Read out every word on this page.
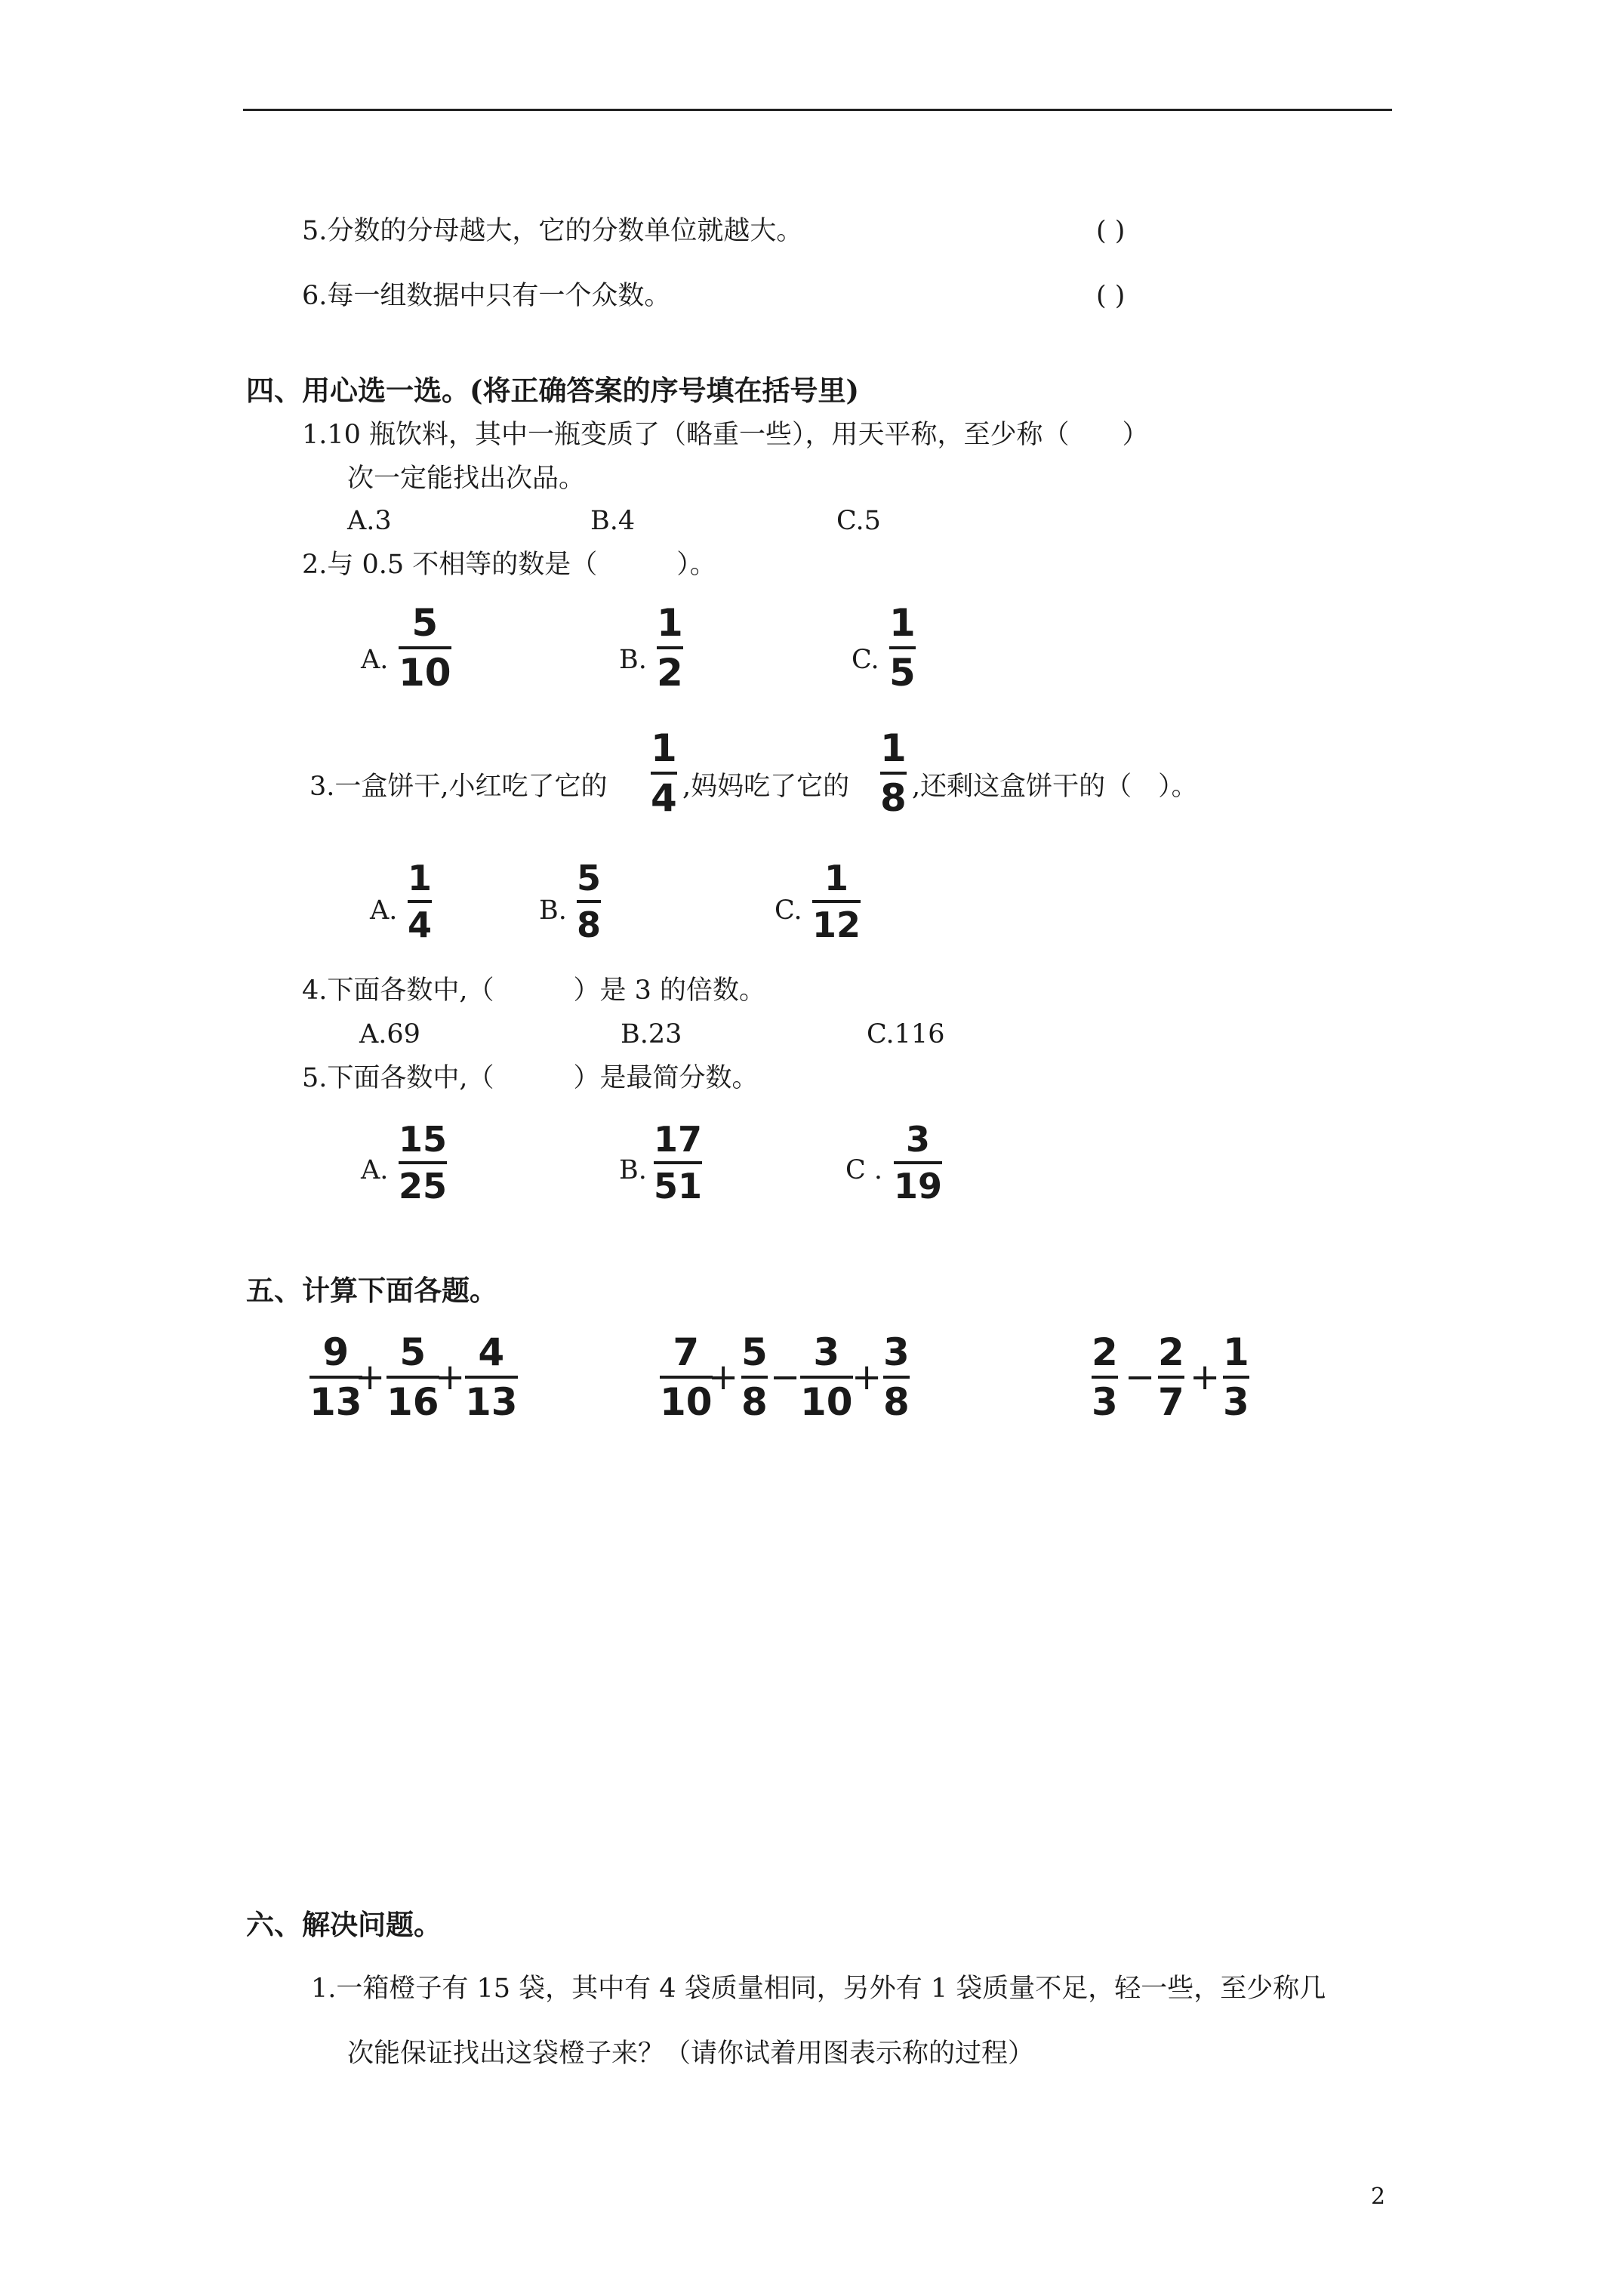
5.分数的分母越大，它的分数单位就越大。	( )
6.每一组数据中只有一个众数。	( )
四、用心选一选。(将正确答案的序号填在括号里)
1.10 瓶饮料，其中一瓶变质了（略重一些），用天平称，至少称（　　）
次一定能找出次品。
A.3	B.4	C.5
2.与 0.5 不相等的数是（　　　）。
A.
5
10	B.
1
2	C.
1
5
3.一盒饼干,小红吃了它的
1
4 ,妈妈吃了它的
1
8 ,还剩这盒饼干的（　）。
A.
1
4	B.
5
8	C.
1
12
4.下面各数中,（　　　）是 3 的倍数。
A.69	B.23	C.116
5.下面各数中,（　　　）是最简分数。
A.
15
25	B.
17
51	C .
3
19
五、计算下面各题。
9
13
+
5
16
+
4
13
7
10
+
5
8
−
3
10
+
3
8
2
3
−
2
7
+
1
3
六、解决问题。
1.一箱橙子有 15 袋，其中有 4 袋质量相同，另外有 1 袋质量不足，轻一些，至少称几
次能保证找出这袋橙子来？（请你试着用图表示称的过程）
2
